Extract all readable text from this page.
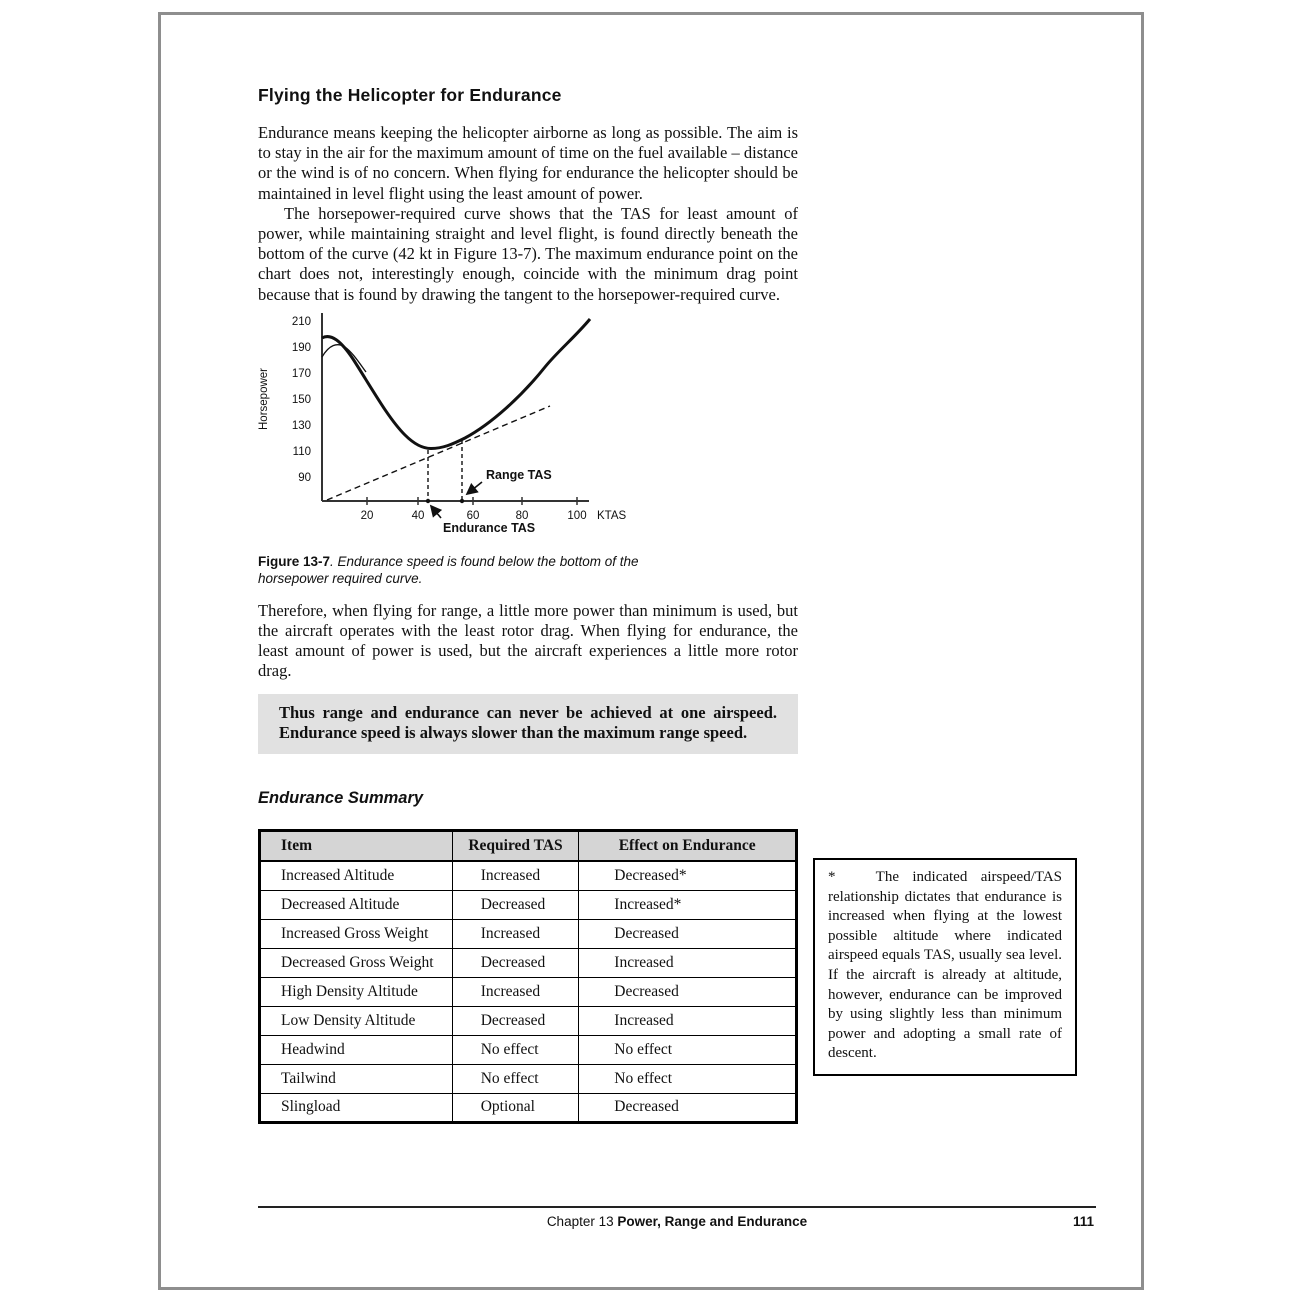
Flying the Helicopter for Endurance

Endurance means keeping the helicopter airborne as long as possible. The aim is to stay in the air for the maximum amount of time on the fuel available – distance or the wind is of no concern. When flying for endurance the helicopter should be maintained in level flight using the least amount of power.

The horsepower-required curve shows that the TAS for least amount of power, while maintaining straight and level flight, is found directly beneath the bottom of the curve (42 kt in Figure 13-7). The maximum endurance point on the chart does not, interestingly enough, coincide with the minimum drag point because that is found by drawing the tangent to the horsepower-required curve.

210
190
170
150
130
110
90
20	40	60	80	100 KTAS
Horsepower
Range TAS
Endurance TAS

Figure 13-7. Endurance speed is found below the bottom of the horsepower required curve.

Therefore, when flying for range, a little more power than minimum is used, but the aircraft operates with the least rotor drag. When flying for endurance, the least amount of power is used, but the aircraft experiences a little more rotor drag.

Thus range and endurance can never be achieved at one airspeed. Endurance speed is always slower than the maximum range speed.
Endurance Summary
Item	Required TAS	Effect on Endurance
Increased Altitude	Increased	Decreased*
Decreased Altitude	Decreased	Increased*
Increased Gross Weight	Increased	Decreased
Decreased Gross Weight	Decreased	Increased
High Density Altitude	Increased	Decreased
Low Density Altitude	Decreased	Increased
Headwind	No effect	No effect
Tailwind	No effect	No effect
Slingload	Optional	Decreased
*   The indicated airspeed/TAS relationship dictates that endurance is increased when flying at the lowest possible altitude where indicated airspeed equals TAS, usually sea level. If the aircraft is already at altitude, however, endurance can be improved by using slightly less than minimum power and adopting a small rate of descent.
Chapter 13 Power, Range and Endurance	111
